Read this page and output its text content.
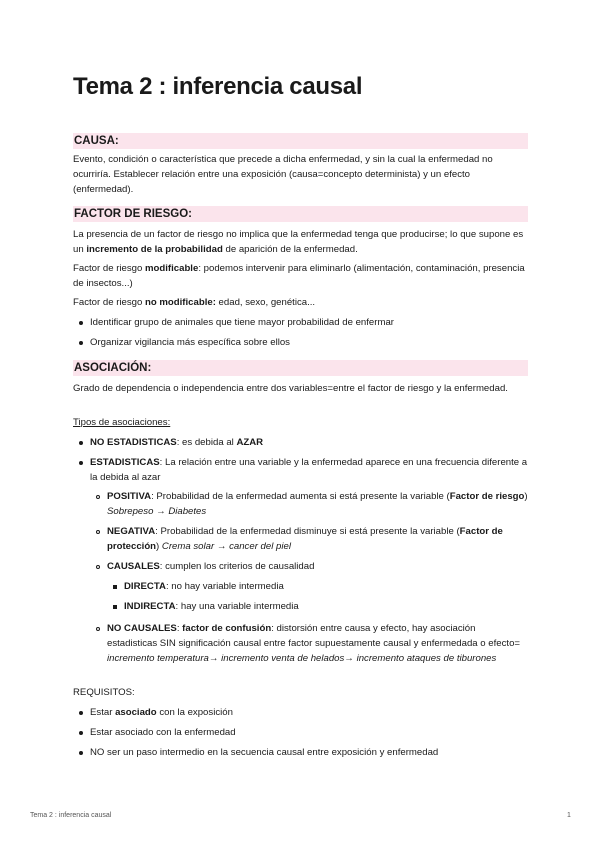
Tema 2 : inferencia causal
CAUSA:

Evento, condición o característica que precede a dicha enfermedad, y sin la cual la enfermedad no ocurriría. Establecer relación entre una exposición (causa=concepto determinista) y un efecto (enfermedad).

FACTOR DE RIESGO:

La presencia de un factor de riesgo no implica que la enfermedad tenga que producirse; lo que supone es un incremento de la probabilidad de aparición de la enfermedad.

Factor de riesgo modificable: podemos intervenir para eliminarlo (alimentación, contaminación, presencia de insectos...)

Factor de riesgo no modificable: edad, sexo, genética...

Identificar grupo de animales que tiene mayor probabilidad de enfermar
Organizar vigilancia más específica sobre ellos
ASOCIACIÓN:

Grado de dependencia o independencia entre dos variables=entre el factor de riesgo y la enfermedad.

Tipos de asociaciones:

NO ESTADISTICAS: es debida al AZAR
ESTADISTICAS: La relación entre una variable y la enfermedad aparece en una frecuencia diferente a la debida al azar
POSITIVA: Probabilidad de la enfermedad aumenta si está presente la variable (Factor de riesgo) Sobrepeso → Diabetes
NEGATIVA: Probabilidad de la enfermedad disminuye si está presente la variable (Factor de protección) Crema solar → cancer del piel
CAUSALES: cumplen los criterios de causalidad
DIRECTA: no hay variable intermedia
INDIRECTA: hay una variable intermedia
NO CAUSALES: factor de confusión: distorsión entre causa y efecto, hay asociación estadisticas SIN significación causal entre factor supuestamente causal y enfermedada o efecto= incremento temperatura→ incremento venta de helados→ incremento ataques de tiburones

REQUISITOS:

Estar asociado con la exposición
Estar asociado con la enfermedad
NO ser un paso intermedio en la secuencia causal entre exposición y enfermedad
Tema 2 : inferencia causal	1
